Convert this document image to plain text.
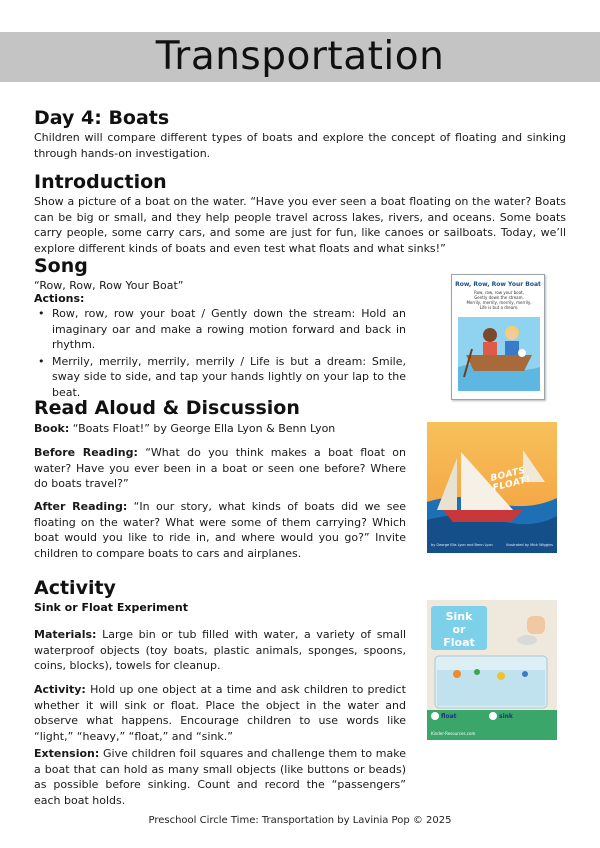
Transportation
Day 4: Boats
Children will compare different types of boats and explore the concept of floating and sinking through hands-on investigation.
Introduction
Show a picture of a boat on the water. “Have you ever seen a boat floating on the water? Boats can be big or small, and they help people travel across lakes, rivers, and oceans. Some boats carry people, some carry cars, and some are just for fun, like canoes or sailboats. Today, we’ll explore different kinds of boats and even test what floats and what sinks!”
Song
“Row, Row, Row Your Boat”
Actions:
• Row, row, row your boat / Gently down the stream: Hold an imaginary oar and make a rowing motion forward and back in rhythm.
• Merrily, merrily, merrily, merrily / Life is but a dream: Smile, sway side to side, and tap your hands lightly on your lap to the beat.
Row, Row, Row Your Boat
Row, row, row your boat,
Gently down the stream.
Merrily, merrily, merrily, merrily,
Life is but a dream.
Read Aloud & Discussion
Book: “Boats Float!” by George Ella Lyon & Benn Lyon
Before Reading: “What do you think makes a boat float on water? Have you ever been in a boat or seen one before? Where do boats travel?”
After Reading: “In our story, what kinds of boats did we see floating on the water? What were some of them carrying? Which boat would you like to ride in, and where would you go?” Invite children to compare boats to cars and airplanes.
BOATS FLOAT!
by George Ella Lyon and Benn Lyon	illustrated by Mick Wiggins
Activity
Sink or Float Experiment
Materials: Large bin or tub filled with water, a variety of small waterproof objects (toy boats, plastic animals, sponges, spoons, coins, blocks), towels for cleanup.
Activity: Hold up one object at a time and ask children to predict whether it will sink or float. Place the object in the water and observe what happens. Encourage children to use words like “light,” “heavy,” “float,” and “sink.”
Extension: Give children foil squares and challenge them to make a boat that can hold as many small objects (like buttons or beads) as possible before sinking. Count and record the “passengers” each boat holds.
Sink
or
Float
float	sink
Kinder-Resources.com
Preschool Circle Time: Transportation by Lavinia Pop © 2025
